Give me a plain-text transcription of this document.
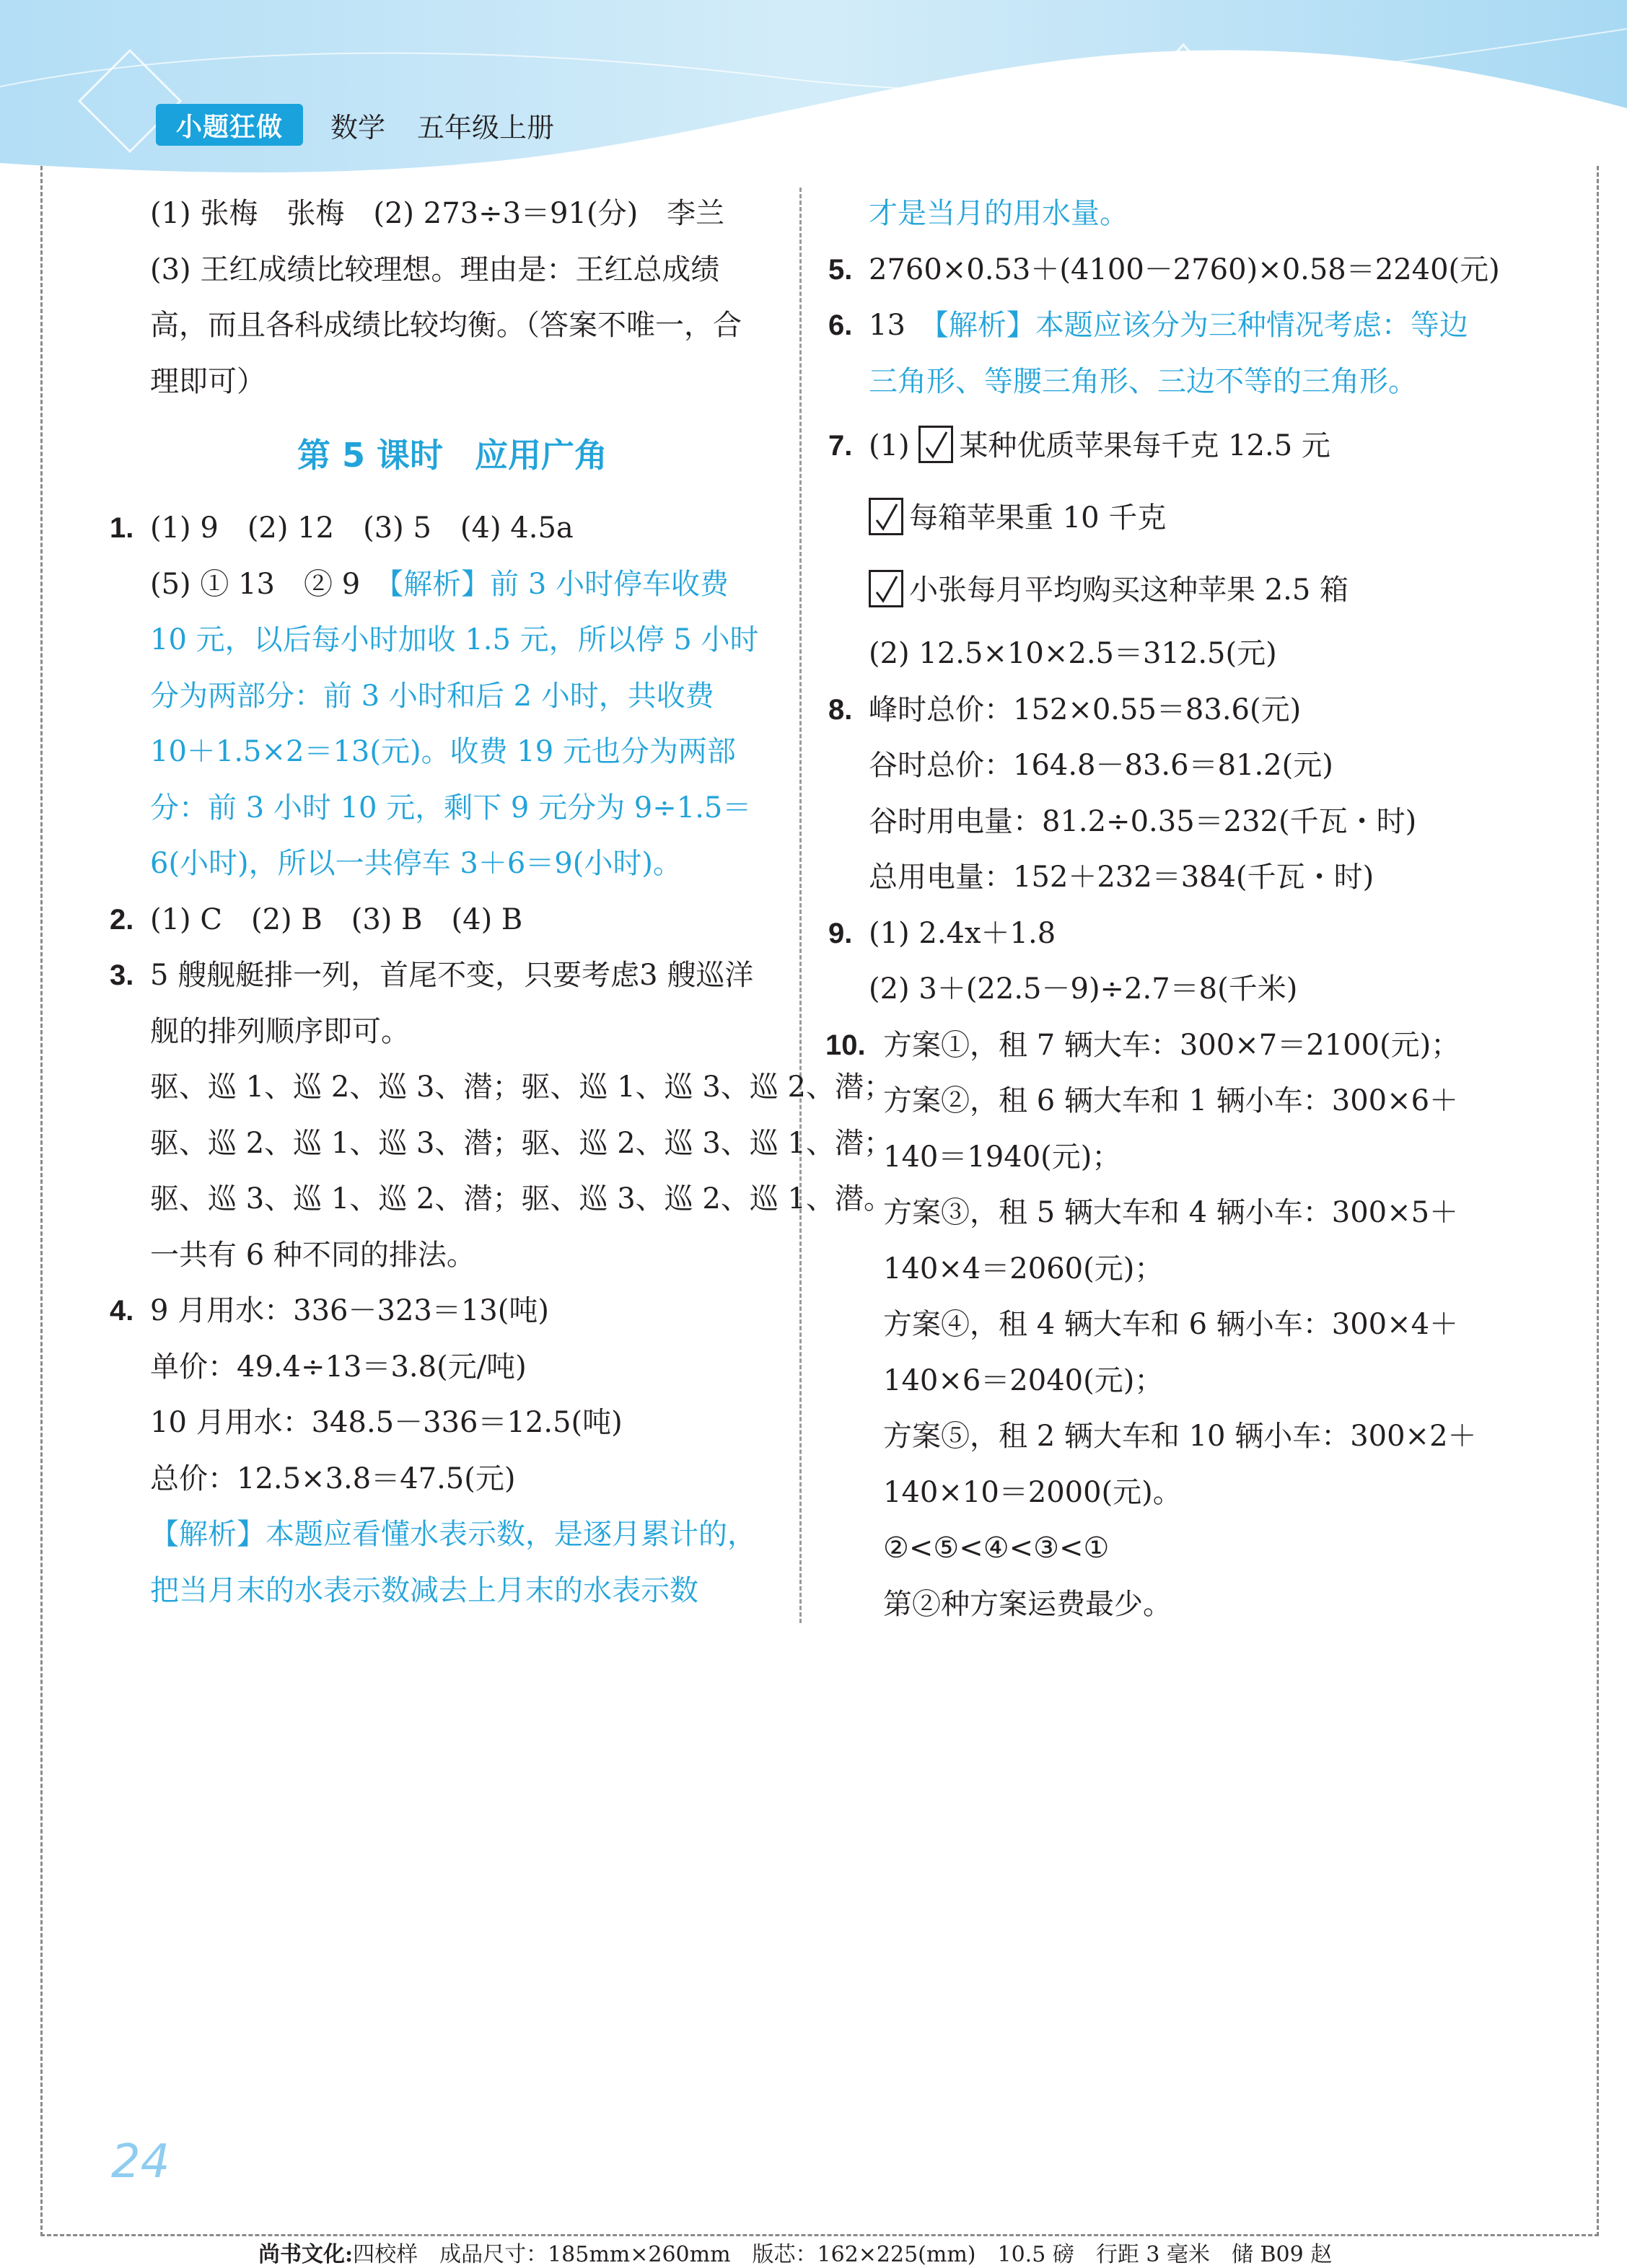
小题狂做	数学 五年级上册
(1) 张梅　张梅　(2) 273÷3＝91(分)　李兰
(3) 王红成绩比较理想。理由是：王红总成绩
高，而且各科成绩比较均衡。（答案不唯一，合
理即可）
第 5 课时 应用广角
1. (1) 9　(2) 12　(3) 5　(4) 4.5a
(5) ① 13　② 9　【解析】前 3 小时停车收费
10 元，以后每小时加收 1.5 元，所以停 5 小时
分为两部分：前 3 小时和后 2 小时，共收费
10＋1.5×2＝13(元)。收费 19 元也分为两部
分：前 3 小时 10 元，剩下 9 元分为 9÷1.5＝
6(小时)，所以一共停车 3＋6＝9(小时)。
2. (1) C　(2) B　(3) B　(4) B
3. 5 艘舰艇排一列，首尾不变，只要考虑3 艘巡洋
舰的排列顺序即可。
驱、巡 1、巡 2、巡 3、潜；驱、巡 1、巡 3、巡 2、潜；
驱、巡 2、巡 1、巡 3、潜；驱、巡 2、巡 3、巡 1、潜；
驱、巡 3、巡 1、巡 2、潜；驱、巡 3、巡 2、巡 1、潜。
一共有 6 种不同的排法。
4. 9 月用水：336－323＝13(吨)
单价：49.4÷13＝3.8(元/吨)
10 月用水：348.5－336＝12.5(吨)
总价：12.5×3.8＝47.5(元)
【解析】本题应看懂水表示数，是逐月累计的，
把当月末的水表示数减去上月末的水表示数
才是当月的用水量。
5. 2760×0.53＋(4100－2760)×0.58＝2240(元)
6. 13　【解析】本题应该分为三种情况考虑：等边
三角形、等腰三角形、三边不等的三角形。
7. (1) 某种优质苹果每千克 12.5 元
每箱苹果重 10 千克
小张每月平均购买这种苹果 2.5 箱
(2) 12.5×10×2.5＝312.5(元)
8. 峰时总价：152×0.55＝83.6(元)
谷时总价：164.8－83.6＝81.2(元)
谷时用电量：81.2÷0.35＝232(千瓦・时)
总用电量：152＋232＝384(千瓦・时)
9. (1) 2.4x＋1.8
(2) 3＋(22.5－9)÷2.7＝8(千米)
10. 方案①，租 7 辆大车：300×7＝2100(元)；
方案②，租 6 辆大车和 1 辆小车：300×6＋
140＝1940(元)；
方案③，租 5 辆大车和 4 辆小车：300×5＋
140×4＝2060(元)；
方案④，租 4 辆大车和 6 辆小车：300×4＋
140×6＝2040(元)；
方案⑤，租 2 辆大车和 10 辆小车：300×2＋
140×10＝2000(元)。
②<⑤<④<③<①
第②种方案运费最少。
24
尚书文化:四校样　成品尺寸：185mm×260mm　版芯：162×225(mm)　10.5 磅　行距 3 毫米　储 B09 赵
